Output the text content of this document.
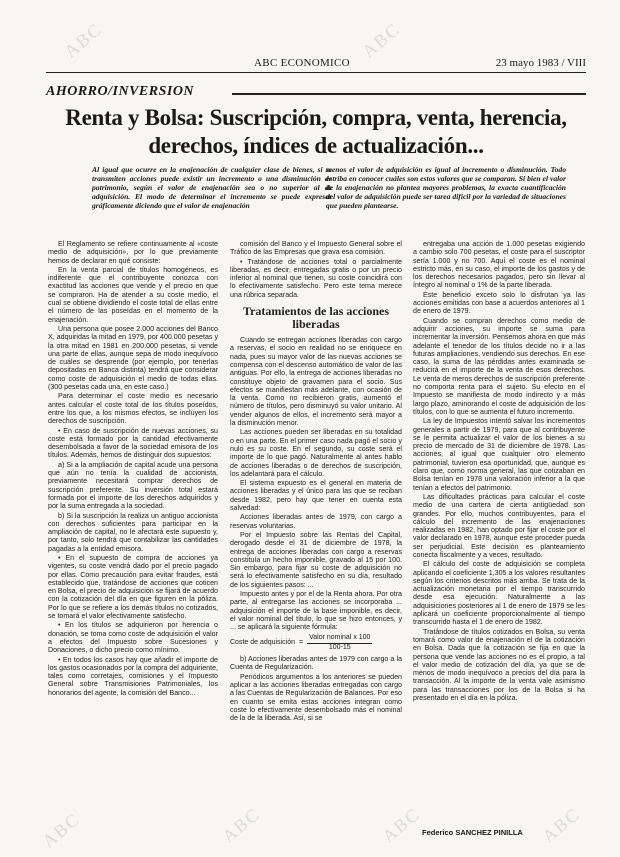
ABC	ABC
ABC	ABC	ABC	ABC
ABC ECONOMICO	23 mayo 1983 / VIII
AHORRO/INVERSION
Renta y Bolsa: Suscripción, compra, venta, herencia, derechos, índices de actualización...

Al igual que ocurre en la enajenación de cualquier clase de bienes, si se transmiten acciones puede existir un incremento o una disminución de patrimonio, según el valor de enajenación sea o no superior al de adquisición. El modo de determinar el incremento se puede expresar gráficamente diciendo que el valor de enajenación

menos el valor de adquisición es igual al incremento o disminución. Todo estriba en conocer cuáles son estos valores que se comparan. Si bien el valor de la enajenación no plantea mayores problemas, la exacta cuantificación del valor de adquisición puede ser tarea difícil por la variedad de situaciones que pueden plantearse.

El Reglamento se refiere continuamente al «coste medio de adquisición», por lo que previamente hemos de declarar en qué consiste:

En la venta parcial de títulos homogéneos, es indiferente que el contribuyente conozca con exactitud las acciones que vende y el precio en que se compraron. Ha de atender a su coste medio, el cual se obtiene dividiendo el coste total de ellas entre el número de las poseídas en el momento de la enajenación.

Una persona que posee 2.000 acciones del Banco X, adquiridas la mitad en 1979, por 400.000 pesetas y la otra mitad en 1981 en 200.000 pesetas, si vende una parte de ellas, aunque sepa de modo inequívoco de cuáles se desprende (por ejemplo, por tenerlas depositadas en Banca distinta) tendrá que considerar como coste de adquisición el medio de todas ellas. (300 pesetas cada una, en este caso.)

Para determinar el coste medio es necesario antes calcular el coste total de los títulos poseídos, entre los que, a los mismos efectos, se incluyen los derechos de suscripción.

• En caso de suscripción de nuevas acciones, su coste está formado por la cantidad efectivamente desembolsada a favor de la sociedad emisora de los títulos. Además, hemos de distinguir dos supuestos:

a) Si a la ampliación de capital acude una persona que aún no tenía la cualidad de accionista, previamente necesitará comprar derechos de suscripción preferente. Su inversión total estará formada por el importe de los derechos adquiridos y por la suma entregada a la sociedad.

b) Si la suscripción la realiza un antiguo accionista con derechos suficientes para participar en la ampliación de capital, no le afectará este supuesto y, por tanto, solo tendrá que contabilizar las cantidades pagadas a la entidad emisora.

• En el supuesto de compra de acciones ya vigentes, su coste vendrá dado por el precio pagado por ellas. Como precaución para evitar fraudes, está establecido que, tratándose de acciones que coticen en Bolsa, el precio de adquisición se fijará de acuerdo con la cotización del día en que figuren en la póliza. Por lo que se refiere a los demás títulos no cotizados, se tomará el valor efectivamente satisfecho.

• En los títulos se adquirieron por herencia o donación, se toma como coste de adquisición el valor a efectos del Impuesto sobre Sucesiones y Donaciones, o dicho precio como mínimo.

• En todos los casos hay que añadir el importe de los gastos ocasionados por la compra del adquiriente, tales como corretajes, comisiones y el Impuesto General sobre Transmisiones Patrimoniales, los honorarios del agente, la comisión del Banco...

comisión del Banco y el Impuesto General sobre el Tráfico de las Empresas que grava esa comisión.

• Tratándose de acciones total o parcialmente liberadas, es decir, entregadas gratis o por un precio inferior al nominal que tienen, su coste coincidirá con lo efectivamente satisfecho. Pero este tema merece una rúbrica separada.

Tratamientos de las acciones liberadas

Cuando se entregan acciones liberadas con cargo a reservas, el socio en realidad no se enriquece en nada, pues su mayor valor de las nuevas acciones se compensa con el descenso automático de valor de las antiguas. Por ello, la entrega de acciones liberadas no constituye objeto de gravamen para el socio. Sus efectos se manifiestan más adelante, con ocasión de la venta. Como no recibieron gratis, aumentó el número de títulos, pero disminuyó su valor unitario. Al vender algunos de ellos, el incremento será mayor a la disminución menor.

Las acciones pueden ser liberadas en su totalidad o en una parte. En el primer caso nada pagó el socio y nulo es su coste. En el segundo, su coste será el importe de lo que pagó. Naturalmente al antes hablo de acciones liberadas o de derechos de suscripción, los adelantará para el cálculo.

El sistema expuesto es el general en materia de acciones liberadas y el único para las que se reciban desde 1982, pero hay que tener en cuenta esta salvedad:

Acciones liberadas antes de 1979, con cargo a reservas voluntarias.

Por el Impuesto sobre las Rentas del Capital, derogado desde el 31 de diciembre de 1978, la entrega de acciones liberadas con cargo a reservas constituía un hecho imponible, gravado al 15 por 100. Sin embargo, para fijar su coste de adquisición no será lo efectivamente satisfecho en su día, resultado de los siguientes pasos: ...

Impuesto antes y por el de la Renta ahora. Por otra parte, al entregarse las acciones se incorporaba ... adquisición el importe de la base imponible, es decir, el valor nominal del título, lo que se hizo entonces, y ... se aplicará la siguiente fórmula:

Coste de adquisición = $\frac{\text{Valor nominal x 100}}{100-15}$

b) Acciones liberadas antes de 1979 con cargo a la Cuenta de Regularización.

Periódicos argumentos a los anteriores se pueden aplicar a las acciones liberadas entregadas con cargo a las Cuentas de Regularización de Balances. Por eso en cuanto se emita estas acciones integran como coste lo efectivamente desembolsado más el nominal de la de la liberada. Así, si se

entregaba una acción de 1.000 pesetas exigiendo a cambio solo 700 pesetas, el coste para el suscriptor sería 1.000 y no 700. Aquí el coste es el nominal estricto más, en su caso, el importe de los gastos y de los derechos necesarios pagados, pero sin llevar al íntegro al nominal o 1% de la parte liberada.

Este beneficio exceto solo lo disfrutan ya las acciones emitidas con base a acuerdos anteriores al 1 de enero de 1979.

Cuando se compran derechos como medio de adquirir acciones, su importe se suma para incrementar la inversión. Pensemos ahora en que más adelante el tenedor de los títulos decide no ir a las futuras ampliaciones, vendiendo sus derechos. En ese caso, la suma de las pérdidas antes examinada se reducirá en el importe de la venta de esos derechos. Le venta de meros derechos de suscripción preferente no comporta renta para el sujeto. Su efecto en el Impuesto se manifiesta de modo indirecto y a más largo plazo, aminorando el coste de adquisición de los títulos, con lo que se aumenta el futuro incremento.

La ley de Impuestos intentó salvar los incrementos generales a partir de 1979, para que al contribuyente se le permita actualizar el valor de los bienes a su precio de mercado de 31 de diciembre de 1978. Las acciones, al igual que cualquier otro elemento patrimonial, tuvieron esa oportunidad, que, aunque es claro que, como norma general, las que cotizaban en Bolsa tenían en 1978 una valoración inferior a la que tenían a efectos del patrimonio.

Las dificultades prácticas para calcular el coste medio de una cartera de cierta antigüedad son grandes. Por ello, muchos contribuyentes, para el cálculo del incremento de las enajenaciones realizadas en 1982, han optado por fijar el coste por el valor declarado en 1978, aunque este proceder pueda ser perjudicial. Este decisión es planteamiento conecta fiscalmente y a veces, resultado.

El cálculo del coste de adquisición se completa aplicando el coeficiente 1,305 a los valores resultantes según los criterios descritos más arriba. Se trata de la actualización monetaria por el tiempo transcurrido desde esa ejecución. Naturalmente a las adquisiciones posteriores al 1 de enero de 1979 se les aplicará un coeficiente proporcionalmente al tiempo transcurrido hasta el 1 de enero de 1982.

Tratándose de títulos cotizados en Bolsa, su venta tomará como valor de enajenación el de la cotización en Bolsa. Dada que la cotización se fija en que la persona que vende las acciones no es el propio, a tal el valor medio de cotización del día, ya que se de menos de modo inequívoco a precios del día para la transacción. Al la importe de la venta vale asimismo para las transacciones por los de la Bolsa si ha presentado en el día en la póliza.

Federico SANCHEZ PINILLA
